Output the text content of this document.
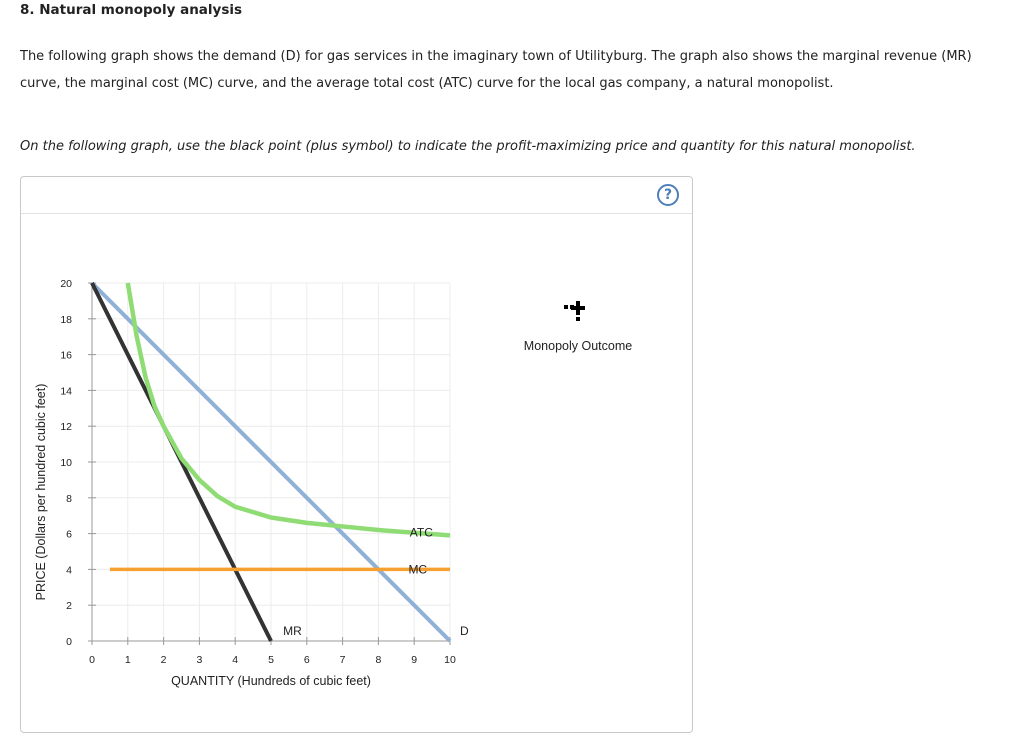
8. Natural monopoly analysis
The following graph shows the demand (D) for gas services in the imaginary town of Utilityburg. The graph also shows the marginal revenue (MR)
curve, the marginal cost (MC) curve, and the average total cost (ATC) curve for the local gas company, a natural monopolist.
On the following graph, use the black point (plus symbol) to indicate the profit-maximizing price and quantity for this natural monopolist.
?
0	1	2	3	4	5	6	7	8	9	10
0
2
4
6
8
10
12
14
16
18
20
QUANTITY (Hundreds of cubic feet)
PRICE (Dollars per hundred cubic feet)
MR	D
ATC
MC
Monopoly Outcome
